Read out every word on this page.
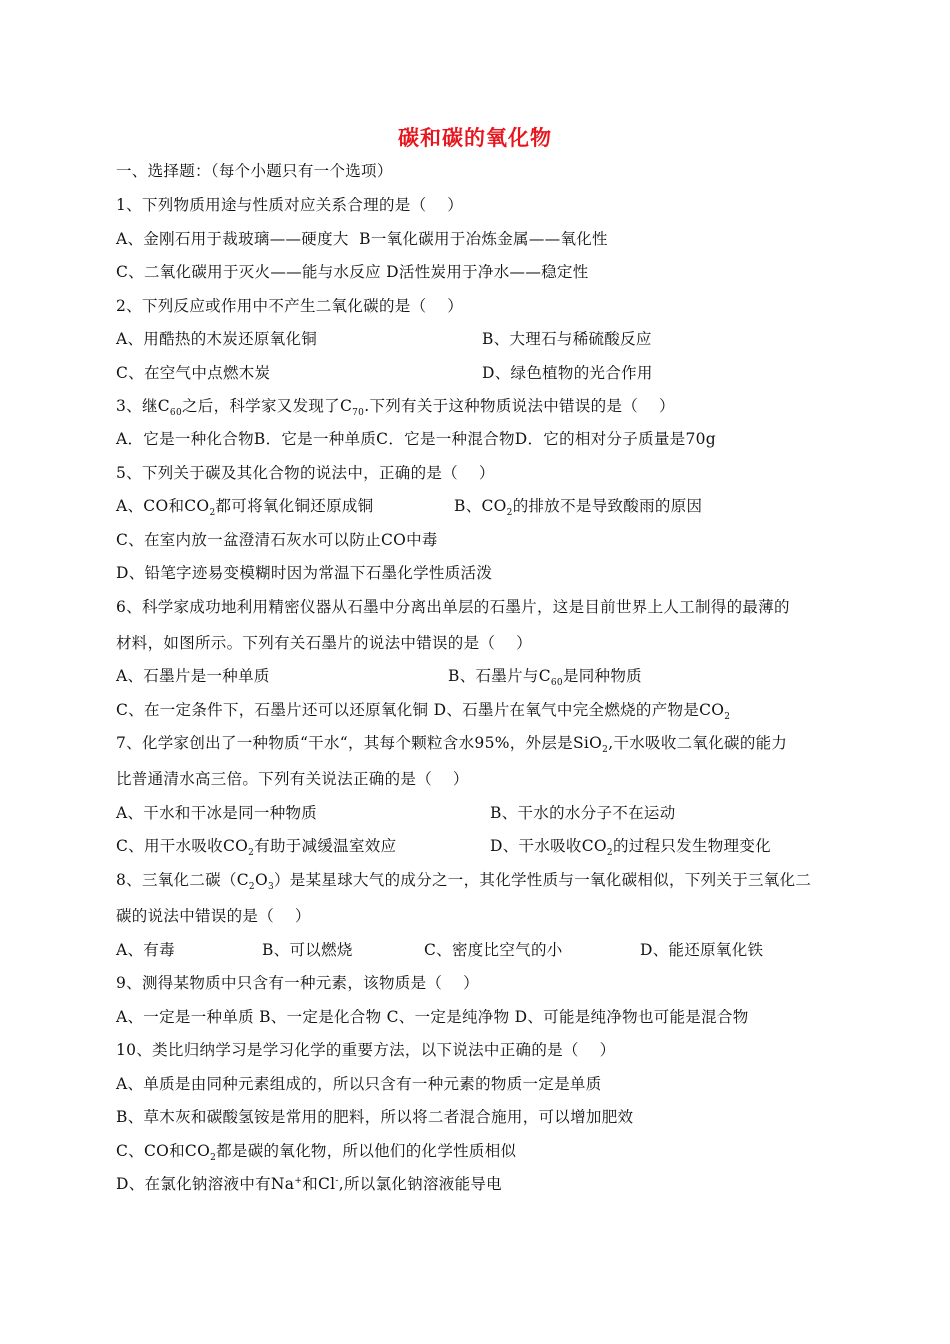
碳和碳的氧化物
一、选择题：（每个小题只有一个选项）
1、下列物质用途与性质对应关系合理的是（    ）
A、金刚石用于裁玻璃——硬度大  B一氧化碳用于冶炼金属——氧化性
C、二氧化碳用于灭火——能与水反应 D活性炭用于净水——稳定性
2、下列反应或作用中不产生二氧化碳的是（    ）
A、用酷热的木炭还原氧化铜	B、大理石与稀硫酸反应
C、在空气中点燃木炭	D、绿色植物的光合作用
3、继$C_{60}$之后，科学家又发现了$C_{70}$.下列有关于这种物质说法中错误的是（    ）
A．它是一种化合物B．它是一种单质C．它是一种混合物D．它的相对分子质量是70g
5、下列关于碳及其化合物的说法中，正确的是（    ）
A、CO和$CO_2$都可将氧化铜还原成铜	B、$CO_2$的排放不是导致酸雨的原因
C、在室内放一盆澄清石灰水可以防止CO中毒
D、铅笔字迹易变模糊时因为常温下石墨化学性质活泼
6、科学家成功地利用精密仪器从石墨中分离出单层的石墨片，这是目前世界上人工制得的最薄的
材料，如图所示。下列有关石墨片的说法中错误的是（    ）
A、石墨片是一种单质	B、石墨片与$C_{60}$是同种物质
C、在一定条件下，石墨片还可以还原氧化铜 D、石墨片在氧气中完全燃烧的产物是$CO_2$
7、化学家创出了一种物质“干水“，其每个颗粒含水95%，外层是SiO$_2$,干水吸收二氧化碳的能力
比普通清水高三倍。下列有关说法正确的是（    ）
A、干水和干冰是同一种物质	B、干水的水分子不在运动
C、用干水吸收$CO_2$有助于减缓温室效应	D、干水吸收$CO_2$的过程只发生物理变化
8、三氧化二碳$(C_2O_3)$是某星球大气的成分之一，其化学性质与一氧化碳相似，下列关于三氧化二
碳的说法中错误的是（    ）
A、有毒	B、可以燃烧	C、密度比空气的小	D、能还原氧化铁
9、测得某物质中只含有一种元素，该物质是（    ）
A、一定是一种单质 B、一定是化合物 C、一定是纯净物 D、可能是纯净物也可能是混合物
10、类比归纳学习是学习化学的重要方法，以下说法中正确的是（    ）
A、单质是由同种元素组成的，所以只含有一种元素的物质一定是单质
B、草木灰和碳酸氢铵是常用的肥料，所以将二者混合施用，可以增加肥效
C、CO和$CO_2$都是碳的氧化物，所以他们的化学性质相似
D、在氯化钠溶液中有Na+和Cl-,所以氯化钠溶液能导电
